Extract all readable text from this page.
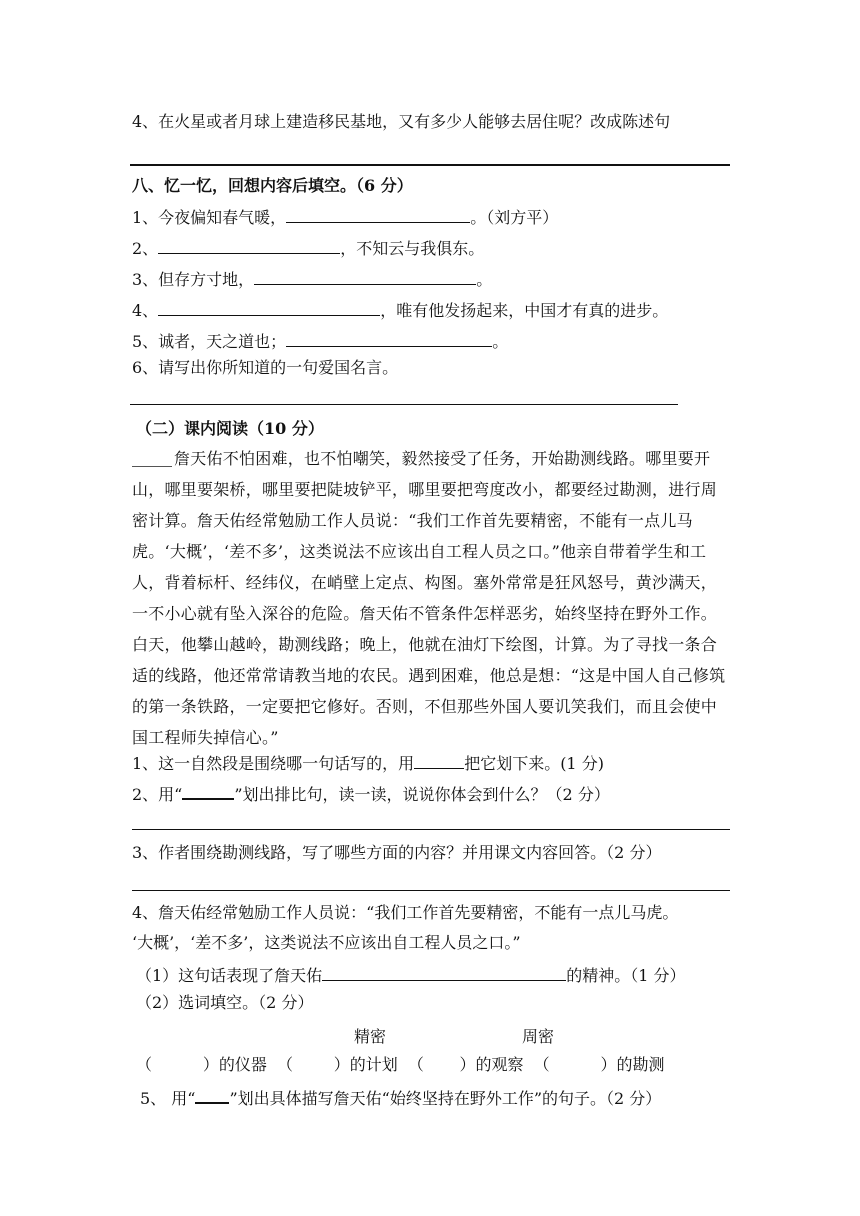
4、在火星或者月球上建造移民基地，又有多少人能够去居住呢？改成陈述句
八、忆一忆，回想内容后填空。（6 分）
1、今夜偏知春气暖，	。（刘方平）
2、	，不知云与我俱东。
3、但存方寸地，	。
4、	，唯有他发扬起来，中国才有真的进步。
5、诚者，天之道也；	。
6、请写出你所知道的一句爱国名言。
（二）课内阅读（10 分）
詹天佑不怕困难，也不怕嘲笑，毅然接受了任务，开始勘测线路。哪里要开山，哪里要架桥，哪里要把陡坡铲平，哪里要把弯度改小，都要经过勘测，进行周密计算。詹天佑经常勉励工作人员说：“我们工作首先要精密，不能有一点儿马虎。‘大概’，‘差不多’，这类说法不应该出自工程人员之口。”他亲自带着学生和工人，背着标杆、经纬仪，在峭壁上定点、构图。塞外常常是狂风怒号，黄沙满天，一不小心就有坠入深谷的危险。詹天佑不管条件怎样恶劣，始终坚持在野外工作。白天，他攀山越岭，勘测线路；晚上，他就在油灯下绘图，计算。为了寻找一条合适的线路，他还常常请教当地的农民。遇到困难，他总是想：“这是中国人自己修筑的第一条铁路，一定要把它修好。否则，不但那些外国人要讥笑我们，而且会使中国工程师失掉信心。”
1、这一自然段是围绕哪一句话写的，用	把它划下来。(1 分)
2、用“	”划出排比句，读一读，说说你体会到什么？（2 分）
3、作者围绕勘测线路，写了哪些方面的内容？并用课文内容回答。（2 分）
4、詹天佑经常勉励工作人员说：“我们工作首先要精密，不能有一点儿马虎。
‘大概’，‘差不多’，这类说法不应该出自工程人员之口。”
（1）这句话表现了詹天佑	的精神。（1 分）
（2）选词填空。（2 分）
精密	周密
（          ）的仪器  （        ）的计划  （       ）的观察  （          ）的勘测
5、 用“ ”划出具体描写詹天佑“始终坚持在野外工作”的句子。（2 分）
